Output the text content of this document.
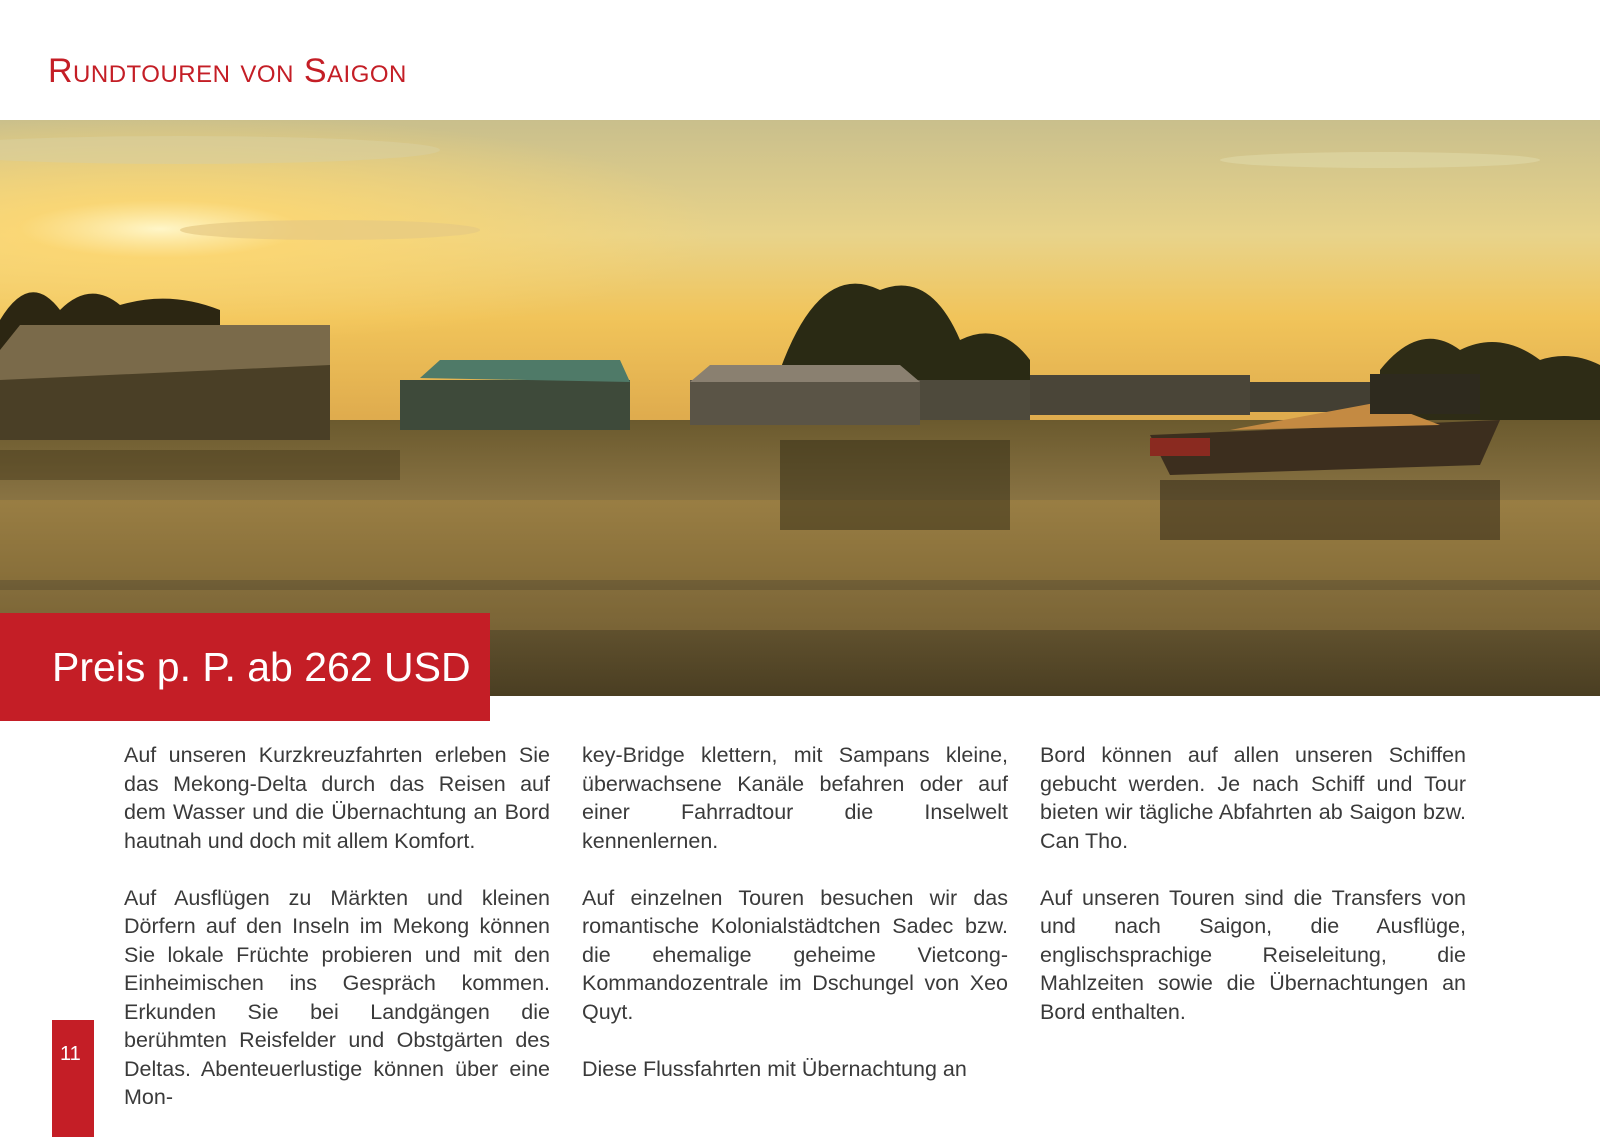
Rundtouren von Saigon
Preis p. P. ab 262 USD

Auf unseren Kurzkreuzfahrten erleben Sie das Mekong-Delta durch das Reisen auf dem Wasser und die Übernachtung an Bord hautnah und doch mit allem Komfort.

Auf Ausflügen zu Märkten und kleinen Dörfern auf den Inseln im Mekong können Sie lokale Früchte probieren und mit den Einheimischen ins Gespräch kommen. Erkunden Sie bei Landgängen die berühmten Reisfelder und Obstgärten des Deltas. Abenteuerlustige können über eine Mon-

key-Bridge klettern, mit Sampans kleine, überwachsene Kanäle befahren oder auf einer Fahrradtour die Inselwelt kennenlernen.

Auf einzelnen Touren besuchen wir das romantische Kolonialstädtchen Sadec bzw. die ehemalige geheime Vietcong-Kommandozentrale im Dschungel von Xeo Quyt.

Diese Flussfahrten mit Übernachtung an

Bord können auf allen unseren Schiffen gebucht werden. Je nach Schiff und Tour bieten wir tägliche Abfahrten ab Saigon bzw. Can Tho.

Auf unseren Touren sind die Transfers von und nach Saigon, die Ausflüge, englischsprachige Reiseleitung, die Mahlzeiten sowie die Übernachtungen an Bord enthalten.

11
